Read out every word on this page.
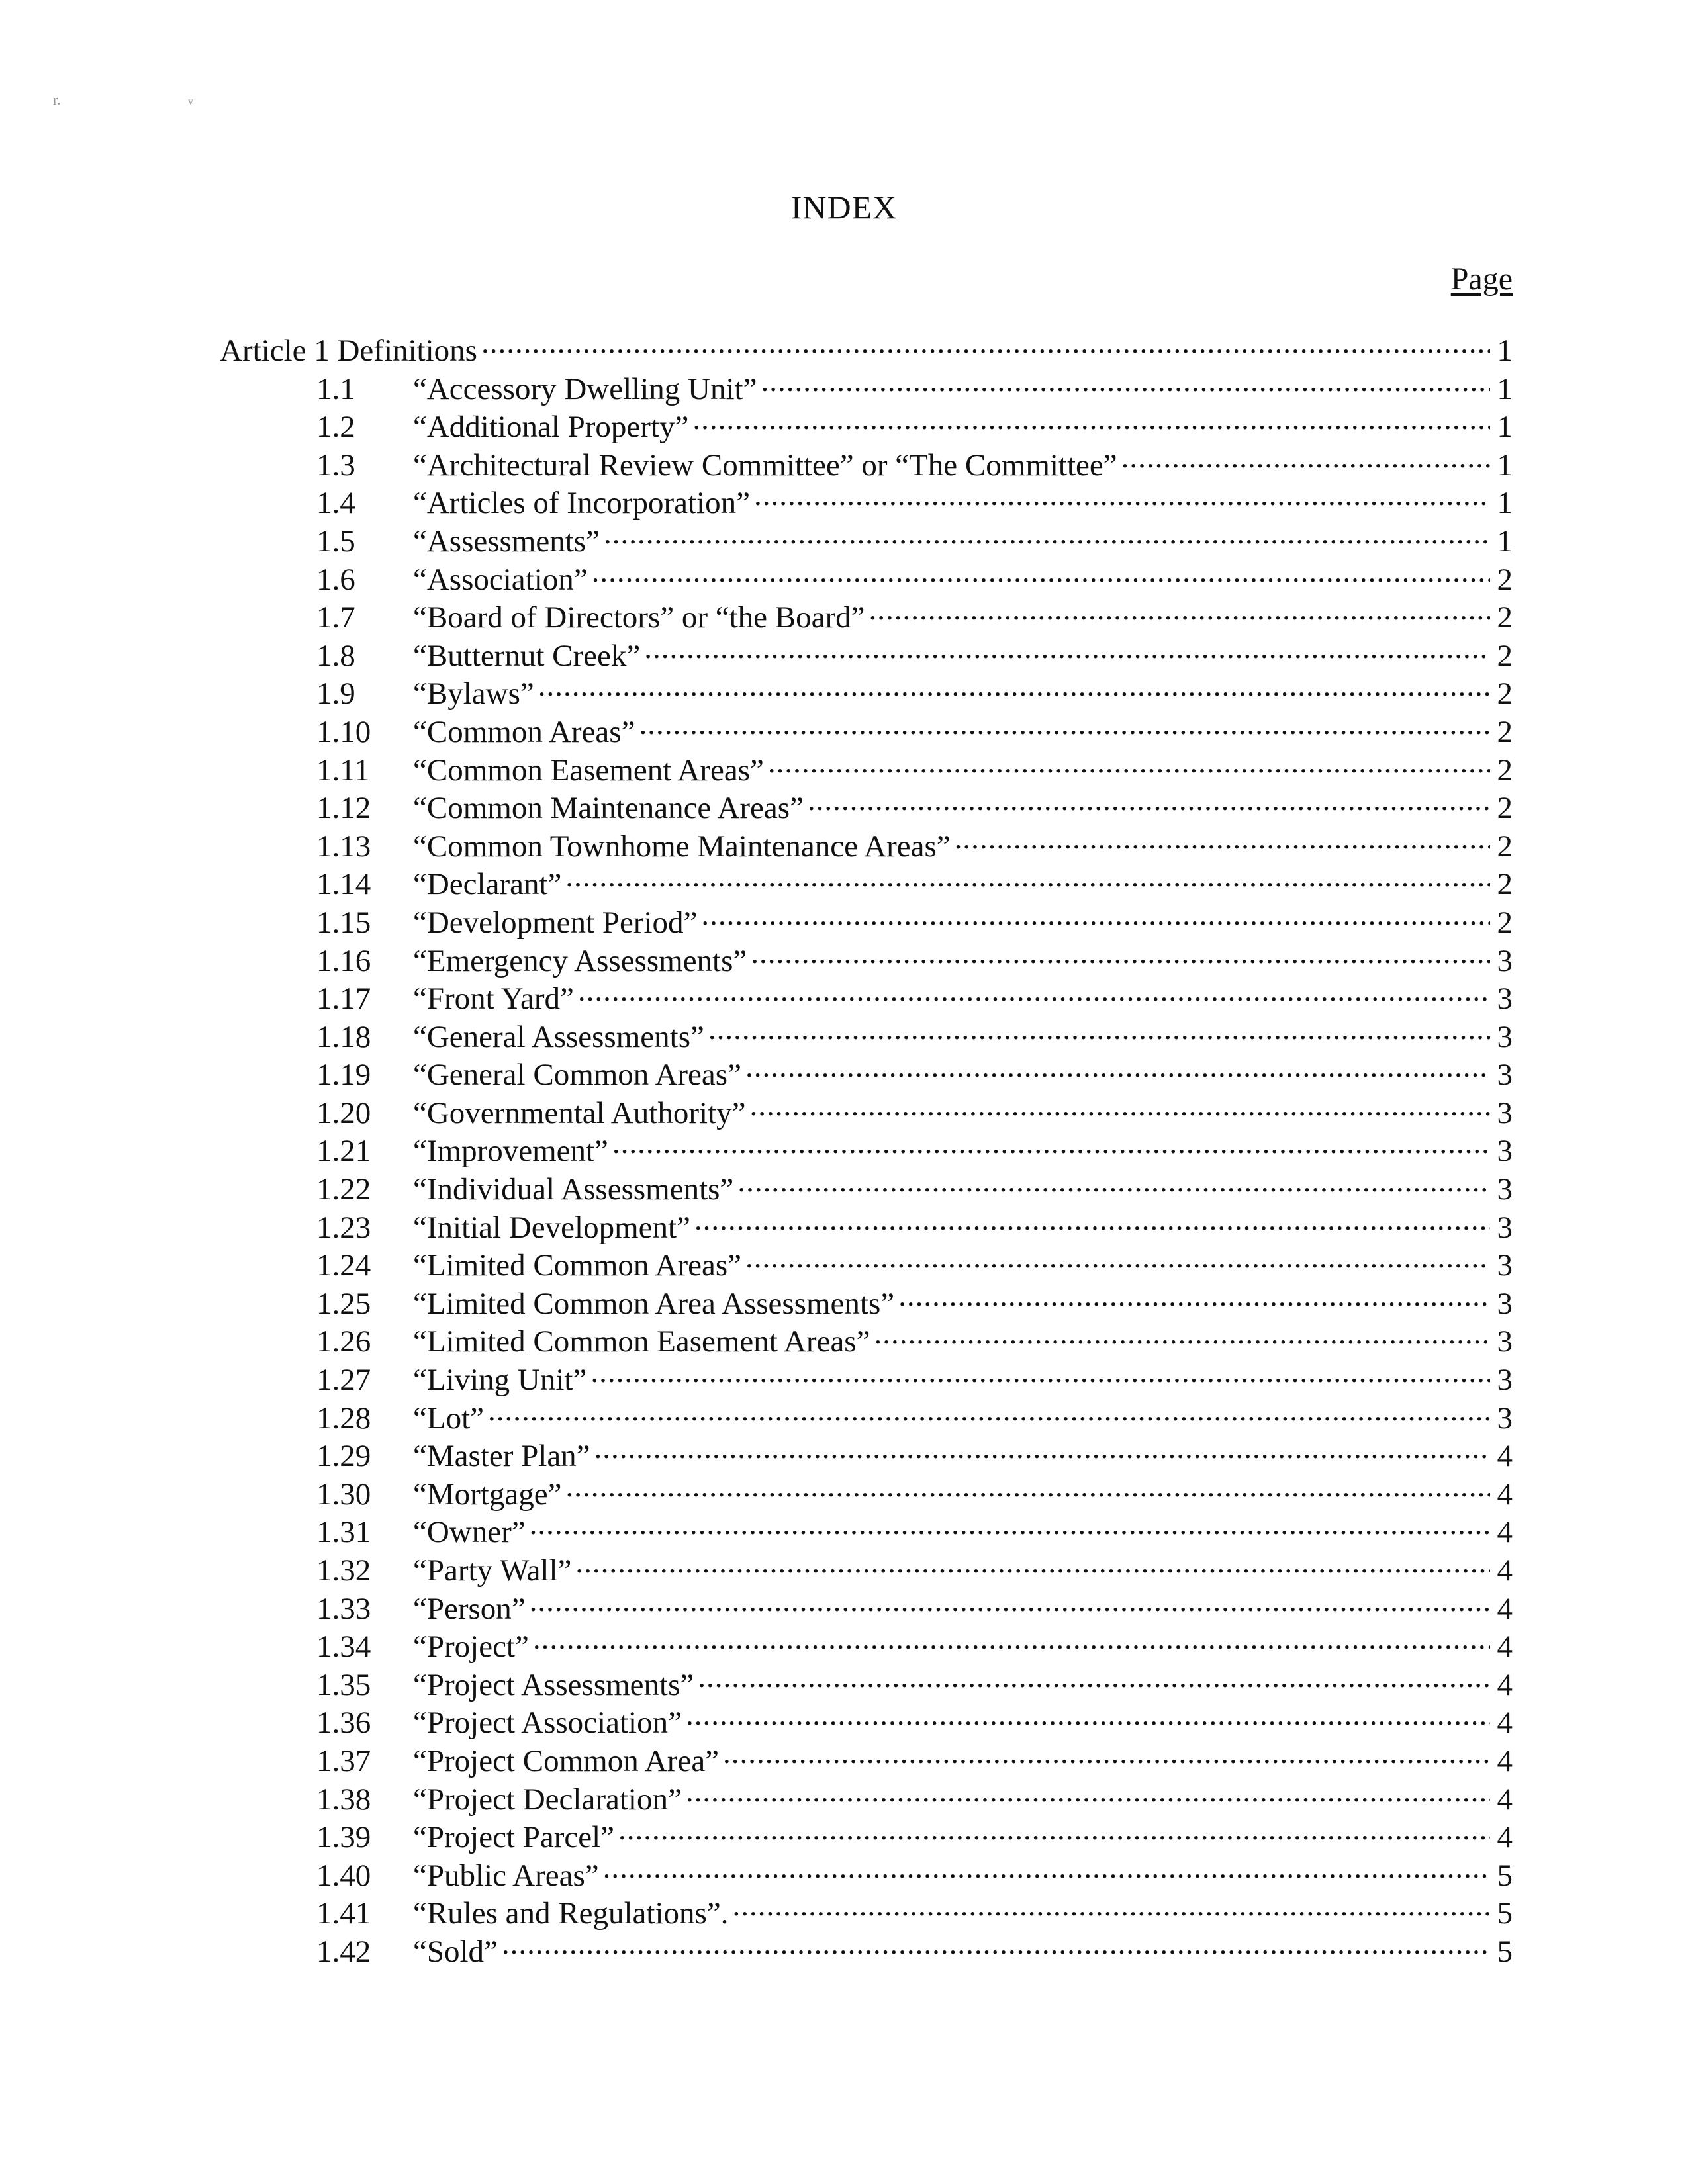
r.	v
INDEX
Page
Article 1 Definitions .....	1
1.1	“Accessory Dwelling Unit” .....	1
1.2	“Additional Property” .....	1
1.3	“Architectural Review Committee” or “The Committee” .....	1
1.4	“Articles of Incorporation” .....	1
1.5	“Assessments” .....	1
1.6	“Association” .....	2
1.7	“Board of Directors” or “the Board” .....	2
1.8	“Butternut Creek” .....	2
1.9	“Bylaws” .....	2
1.10	“Common Areas” .....	2
1.11	“Common Easement Areas” .....	2
1.12	“Common Maintenance Areas” .....	2
1.13	“Common Townhome Maintenance Areas” .....	2
1.14	“Declarant” .....	2
1.15	“Development Period” .....	2
1.16	“Emergency Assessments” .....	3
1.17	“Front Yard” .....	3
1.18	“General Assessments” .....	3
1.19	“General Common Areas” .....	3
1.20	“Governmental Authority” .....	3
1.21	“Improvement” .....	3
1.22	“Individual Assessments” .....	3
1.23	“Initial Development” .....	3
1.24	“Limited Common Areas” .....	3
1.25	“Limited Common Area Assessments” .....	3
1.26	“Limited Common Easement Areas” .....	3
1.27	“Living Unit” .....	3
1.28	“Lot” .....	3
1.29	“Master Plan” .....	4
1.30	“Mortgage” .....	4
1.31	“Owner” .....	4
1.32	“Party Wall” .....	4
1.33	“Person” .....	4
1.34	“Project” .....	4
1.35	“Project Assessments” .....	4
1.36	“Project Association” .....	4
1.37	“Project Common Area” .....	4
1.38	“Project Declaration” .....	4
1.39	“Project Parcel” .....	4
1.40	“Public Areas” .....	5
1.41	“Rules and Regulations”. .....	5
1.42	“Sold” .....	5
